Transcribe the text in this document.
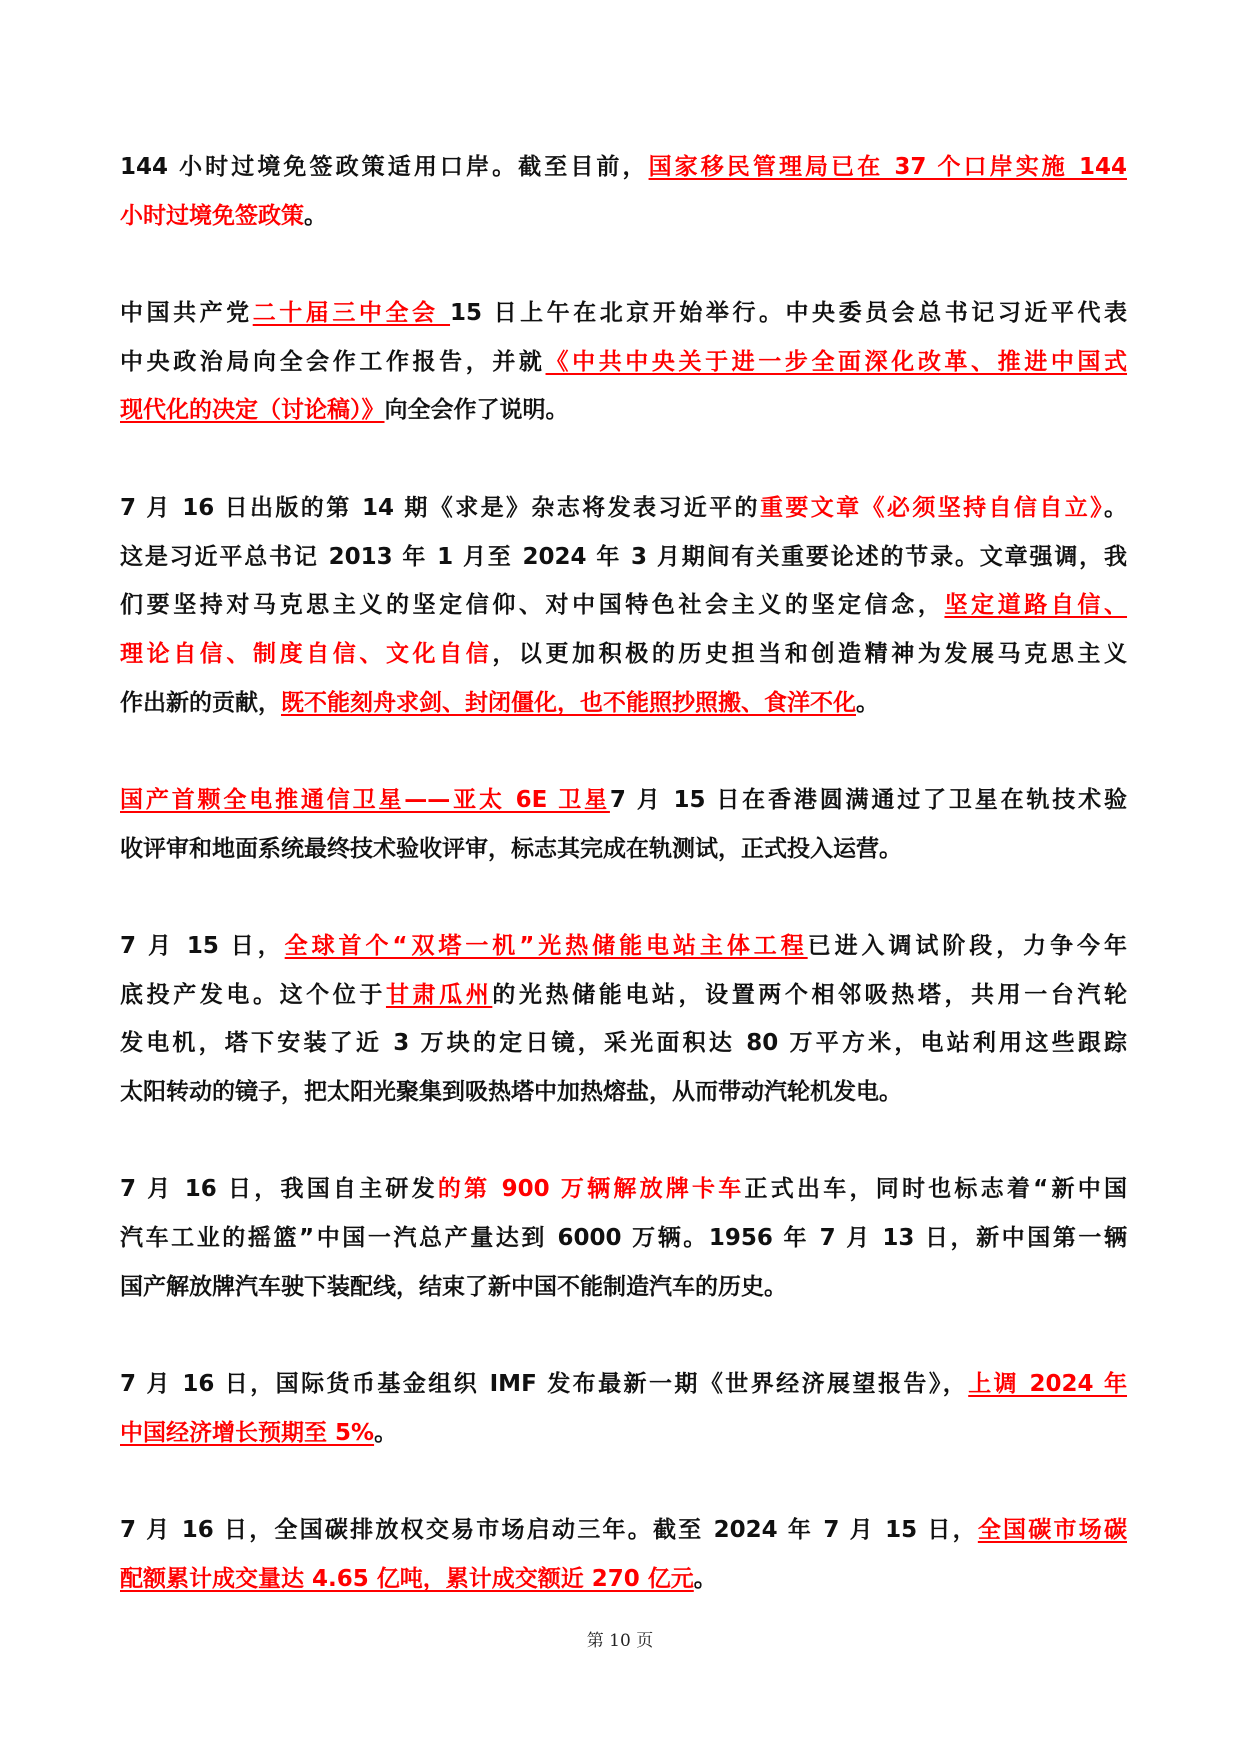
144 小时过境免签政策适用口岸。截至目前，国家移民管理局已在 37 个口岸实施 144
小时过境免签政策。
中国共产党二十届三中全会 15 日上午在北京开始举行。中央委员会总书记习近平代表
中央政治局向全会作工作报告，并就《中共中央关于进一步全面深化改革、推进中国式
现代化的决定（讨论稿）》向全会作了说明。
7 月 16 日出版的第 14 期《求是》杂志将发表习近平的重要文章《必须坚持自信自立》。
这是习近平总书记 2013 年 1 月至 2024 年 3 月期间有关重要论述的节录。文章强调，我
们要坚持对马克思主义的坚定信仰、对中国特色社会主义的坚定信念，坚定道路自信、
理论自信、制度自信、文化自信，以更加积极的历史担当和创造精神为发展马克思主义
作出新的贡献，既不能刻舟求剑、封闭僵化，也不能照抄照搬、食洋不化。
国产首颗全电推通信卫星——亚太 6E 卫星7 月 15 日在香港圆满通过了卫星在轨技术验
收评审和地面系统最终技术验收评审，标志其完成在轨测试，正式投入运营。
7 月 15 日，全球首个“双塔一机”光热储能电站主体工程已进入调试阶段，力争今年
底投产发电。这个位于甘肃瓜州的光热储能电站，设置两个相邻吸热塔，共用一台汽轮
发电机，塔下安装了近 3 万块的定日镜，采光面积达 80 万平方米，电站利用这些跟踪
太阳转动的镜子，把太阳光聚集到吸热塔中加热熔盐，从而带动汽轮机发电。
7 月 16 日，我国自主研发的第 900 万辆解放牌卡车正式出车，同时也标志着“新中国
汽车工业的摇篮”中国一汽总产量达到 6000 万辆。1956 年 7 月 13 日，新中国第一辆
国产解放牌汽车驶下装配线，结束了新中国不能制造汽车的历史。
7 月 16 日，国际货币基金组织 IMF 发布最新一期《世界经济展望报告》，上调 2024 年
中国经济增长预期至 5%。
7 月 16 日，全国碳排放权交易市场启动三年。截至 2024 年 7 月 15 日，全国碳市场碳
配额累计成交量达 4.65 亿吨，累计成交额近 270 亿元。
第 10 页
